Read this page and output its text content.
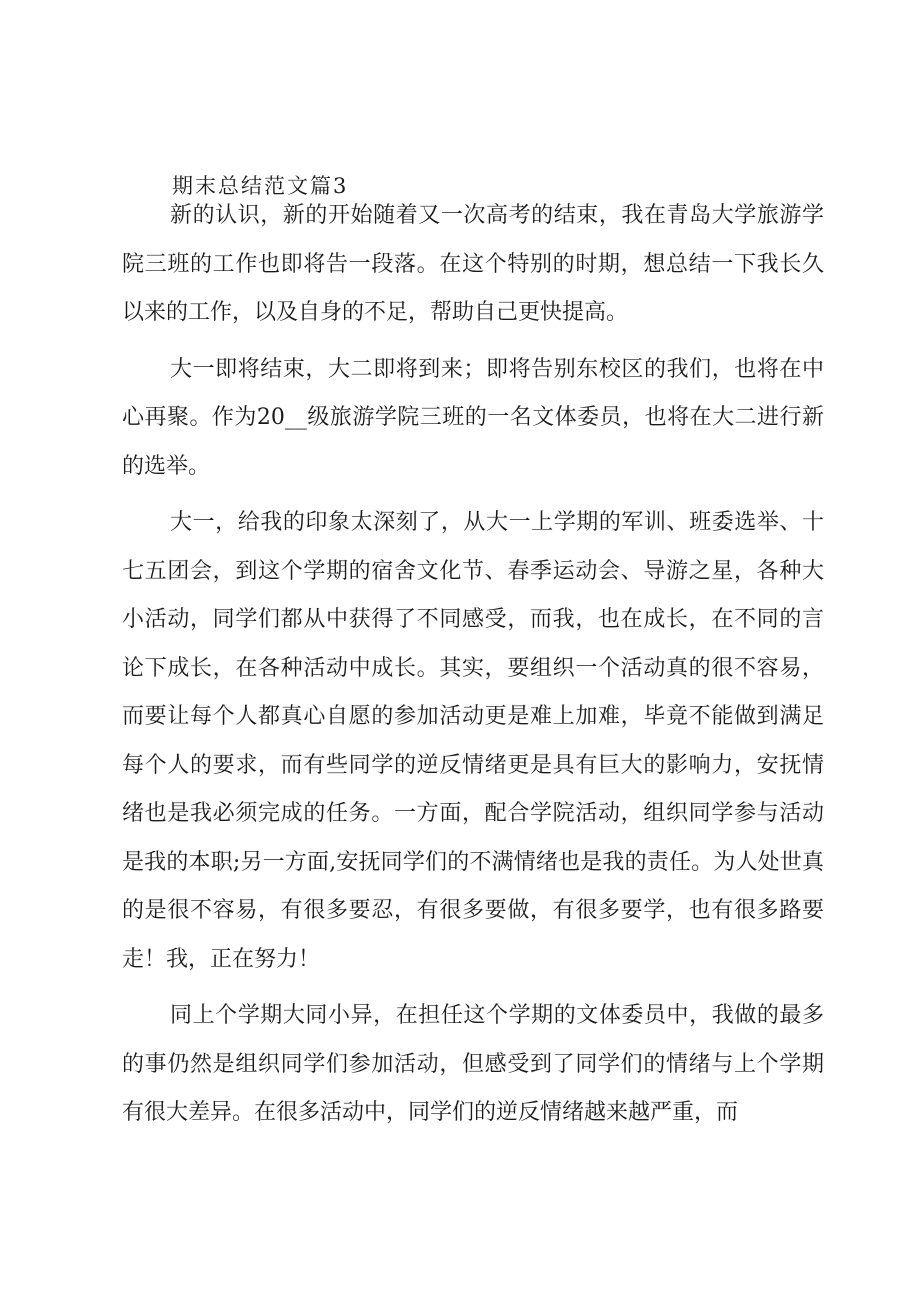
期末总结范文篇3

新的认识，新的开始随着又一次高考的结束，我在青岛大学旅游学院三班的工作也即将告一段落。在这个特别的时期，想总结一下我长久以来的工作，以及自身的不足，帮助自己更快提高。

大一即将结束，大二即将到来；即将告别东校区的我们，也将在中心再聚。作为20__级旅游学院三班的一名文体委员，也将在大二进行新的选举。

大一，给我的印象太深刻了，从大一上学期的军训、班委选举、十七五团会，到这个学期的宿舍文化节、春季运动会、导游之星，各种大小活动，同学们都从中获得了不同感受，而我，也在成长，在不同的言论下成长，在各种活动中成长。其实，要组织一个活动真的很不容易，而要让每个人都真心自愿的参加活动更是难上加难，毕竟不能做到满足每个人的要求，而有些同学的逆反情绪更是具有巨大的影响力，安抚情绪也是我必须完成的任务。一方面，配合学院活动，组织同学参与活动是我的本职;另一方面,安抚同学们的不满情绪也是我的责任。为人处世真的是很不容易，有很多要忍，有很多要做，有很多要学，也有很多路要走！我，正在努力！

同上个学期大同小异，在担任这个学期的文体委员中，我做的最多的事仍然是组织同学们参加活动，但感受到了同学们的情绪与上个学期有很大差异。在很多活动中，同学们的逆反情绪越来越严重，而
